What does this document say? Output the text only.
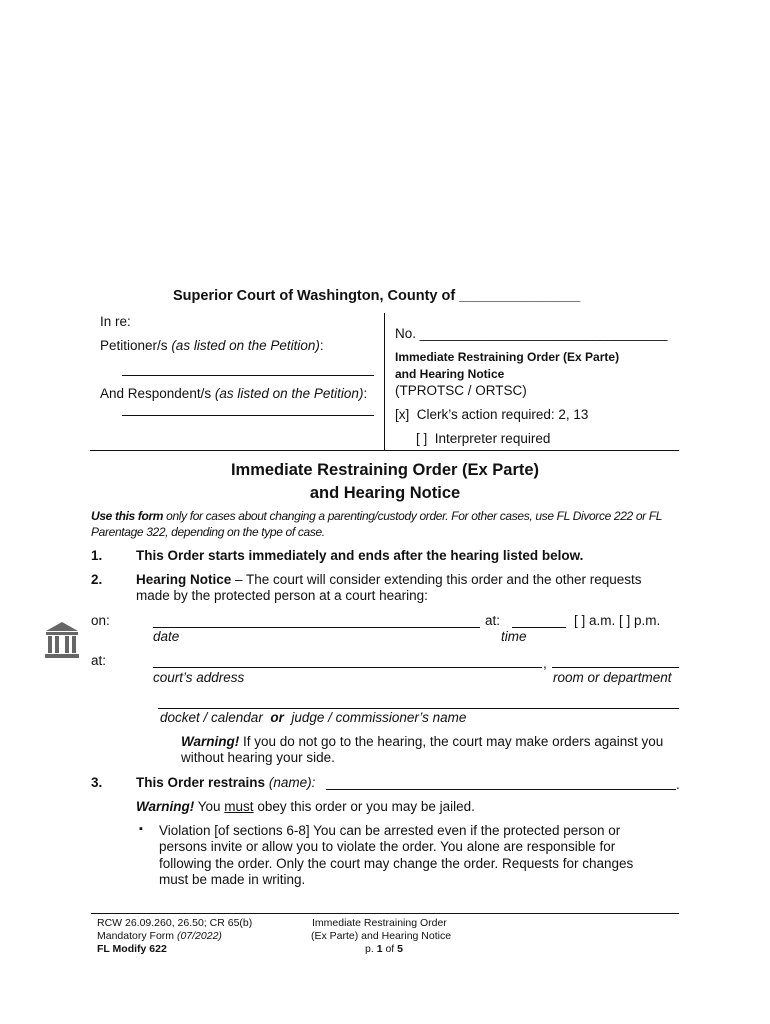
Superior Court of Washington, County of _______________
In re:
Petitioner/s (as listed on the Petition):
And Respondent/s (as listed on the Petition):
No. _________________________________
Immediate Restraining Order (Ex Parte)
and Hearing Notice
(TPROTSC / ORTSC)
[x] Clerk’s action required: 2, 13
[ ] Interpreter required
Immediate Restraining Order (Ex Parte)
and Hearing Notice
Use this form only for cases about changing a parenting/custody order. For other cases, use FL Divorce 222 or FL
Parentage 322, depending on the type of case.
1. This Order starts immediately and ends after the hearing listed below.
2. Hearing Notice – The court will consider extending this order and the other requests
made by the protected person at a court hearing:
on:	at:	[ ] a.m. [ ] p.m.
date	time
at:	,
court’s address	room or department
docket / calendar or judge / commissioner’s name
Warning! If you do not go to the hearing, the court may make orders against you
without hearing your side.
3. This Order restrains (name):	.
Warning! You must obey this order or you may be jailed.
▪ Violation [of sections 6-8] You can be arrested even if the protected person or
persons invite or allow you to violate the order. You alone are responsible for
following the order. Only the court may change the order. Requests for changes
must be made in writing.
RCW 26.09.260, 26.50; CR 65(b)
Mandatory Form (07/2022)
FL Modify 622
Immediate Restraining Order
(Ex Parte) and Hearing Notice
p. 1 of 5
